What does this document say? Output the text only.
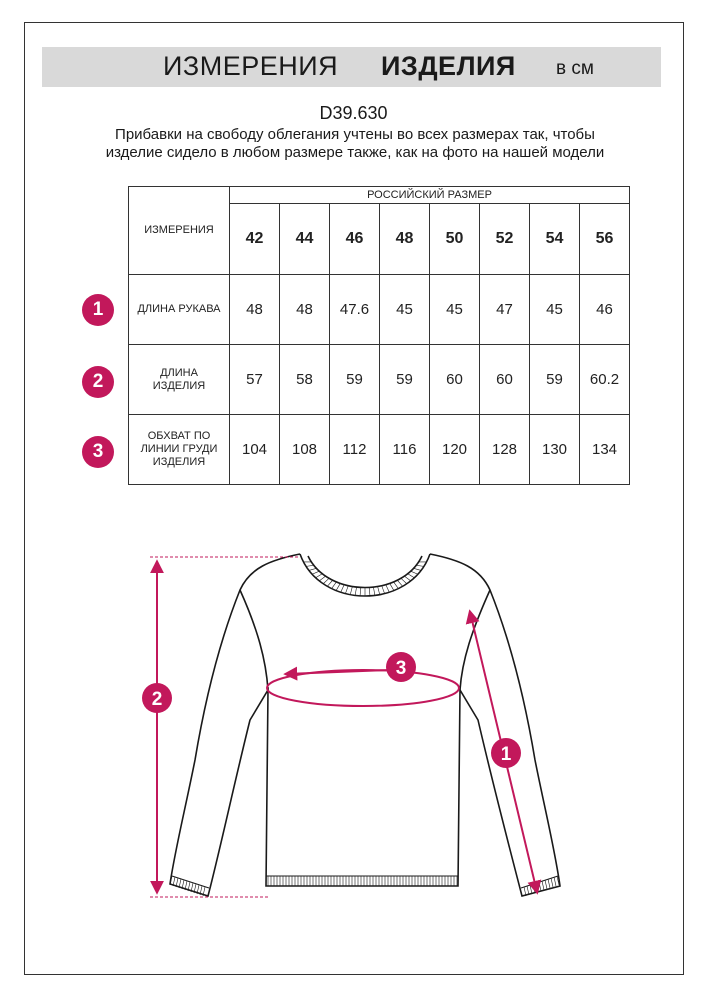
ИЗМЕРЕНИЯ ИЗДЕЛИЯ в см
D39.630
Прибавки на свободу облегания учтены во всех размерах так, чтобы изделие сидело в любом размере также, как на фото на нашей модели
ИЗМЕРЕНИЯ	РОССИЙСКИЙ РАЗМЕР							
	42	44	46	48	50	52	54	56
ДЛИНА РУКАВА	48	48	47.6	45	45	47	45	46
ДЛИНА ИЗДЕЛИЯ	57	58	59	59	60	60	59	60.2
ОБХВАТ ПО ЛИНИИ ГРУДИ ИЗДЕЛИЯ	104	108	112	116	120	128	130	134
1
2
3
2
3
1
